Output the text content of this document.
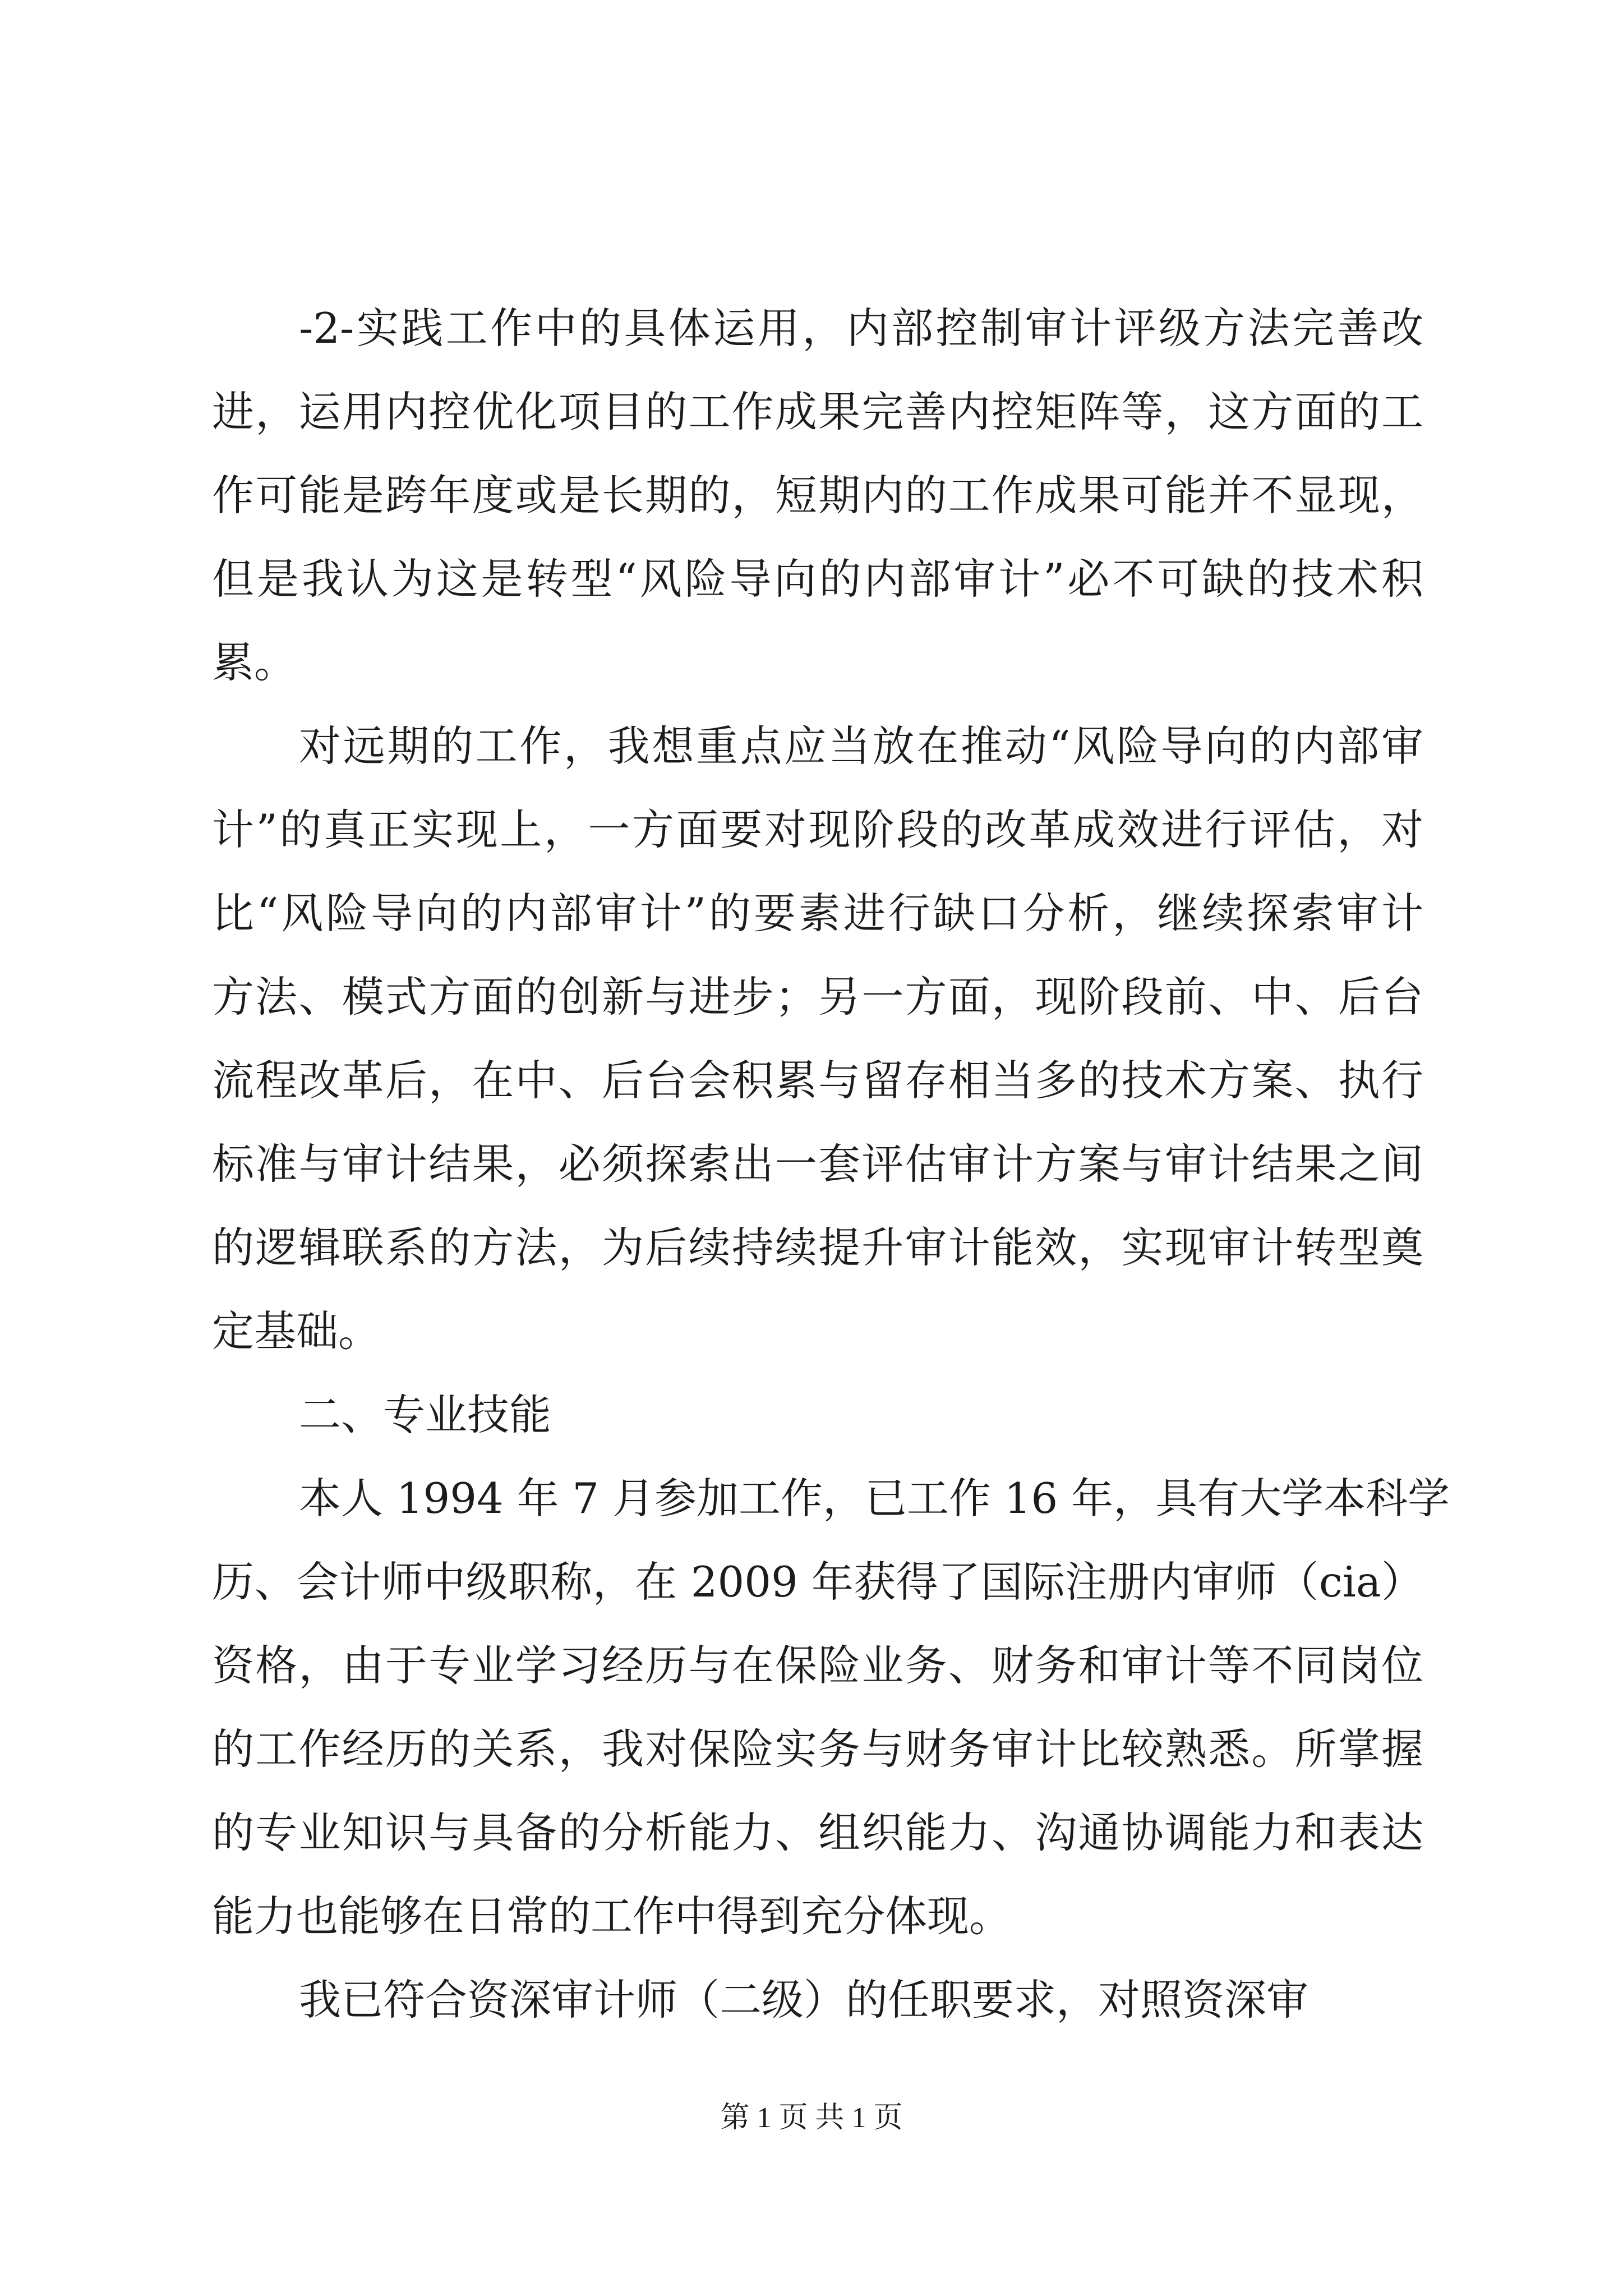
-2-实践工作中的具体运用，内部控制审计评级方法完善改
进，运用内控优化项目的工作成果完善内控矩阵等，这方面的工
作可能是跨年度或是长期的，短期内的工作成果可能并不显现，
但是我认为这是转型“风险导向的内部审计”必不可缺的技术积
累。
对远期的工作，我想重点应当放在推动“风险导向的内部审
计”的真正实现上，一方面要对现阶段的改革成效进行评估，对
比“风险导向的内部审计”的要素进行缺口分析，继续探索审计
方法、模式方面的创新与进步；另一方面，现阶段前、中、后台
流程改革后，在中、后台会积累与留存相当多的技术方案、执行
标准与审计结果，必须探索出一套评估审计方案与审计结果之间
的逻辑联系的方法，为后续持续提升审计能效，实现审计转型奠
定基础。
二、专业技能
本人 1994 年 7 月参加工作，已工作 16 年，具有大学本科学
历、会计师中级职称，在 2009 年获得了国际注册内审师（cia）
资格，由于专业学习经历与在保险业务、财务和审计等不同岗位
的工作经历的关系，我对保险实务与财务审计比较熟悉。所掌握
的专业知识与具备的分析能力、组织能力、沟通协调能力和表达
能力也能够在日常的工作中得到充分体现。
我已符合资深审计师（二级）的任职要求，对照资深审
第 1 页 共 1 页
